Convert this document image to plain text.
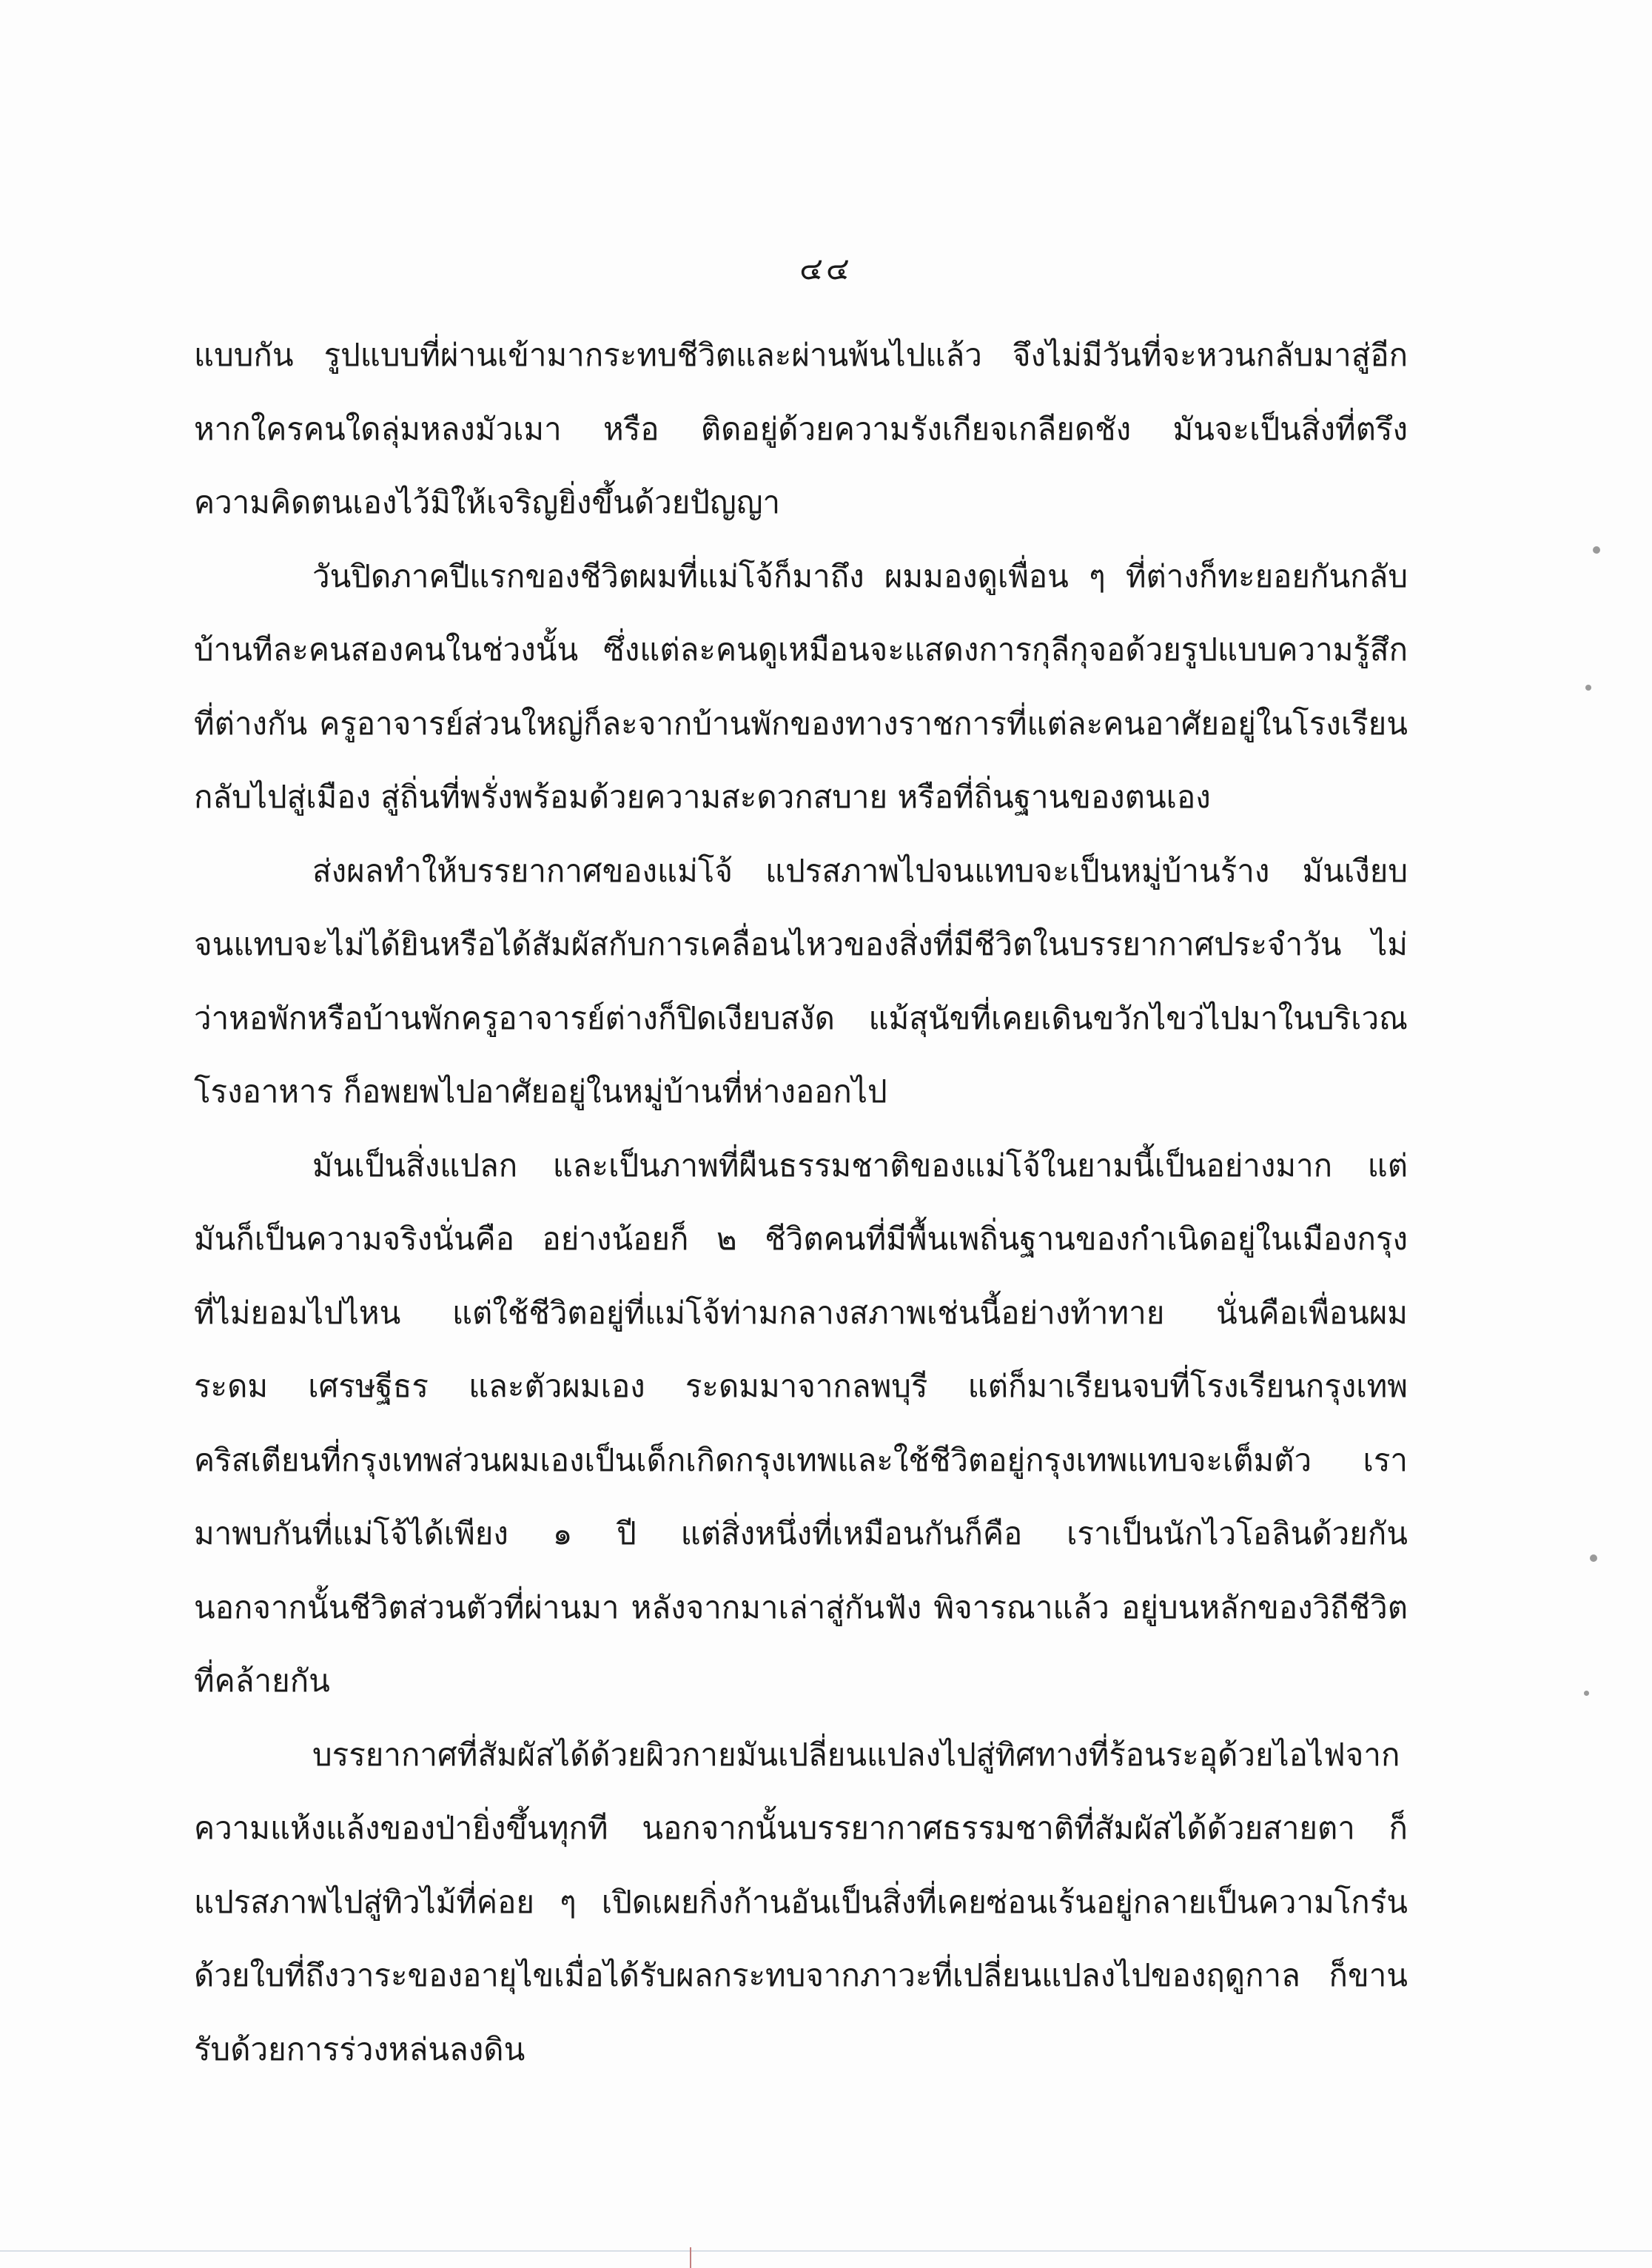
๔๔
แบบกัน รูปแบบที่ผ่านเข้ามากระทบชีวิตและผ่านพ้นไปแล้ว จึงไม่มีวันที่จะหวนกลับมาสู่อีก
หากใครคนใดลุ่มหลงมัวเมา หรือ ติดอยู่ด้วยความรังเกียจเกลียดชัง มันจะเป็นสิ่งที่ตรึง
ความคิดตนเองไว้มิให้เจริญยิ่งขึ้นด้วยปัญญา
วันปิดภาคปีแรกของชีวิตผมที่แม่โจ้ก็มาถึง ผมมองดูเพื่อน ๆ ที่ต่างก็ทะยอยกันกลับ
บ้านทีละคนสองคนในช่วงนั้น ซึ่งแต่ละคนดูเหมือนจะแสดงการกุลีกุจอด้วยรูปแบบความรู้สึก
ที่ต่างกัน ครูอาจารย์ส่วนใหญ่ก็ละจากบ้านพักของทางราชการที่แต่ละคนอาศัยอยู่ในโรงเรียน
กลับไปสู่เมือง สู่ถิ่นที่พรั่งพร้อมด้วยความสะดวกสบาย หรือที่ถิ่นฐานของตนเอง
ส่งผลทำให้บรรยากาศของแม่โจ้ แปรสภาพไปจนแทบจะเป็นหมู่บ้านร้าง มันเงียบ
จนแทบจะไม่ได้ยินหรือได้สัมผัสกับการเคลื่อนไหวของสิ่งที่มีชีวิตในบรรยากาศประจำวัน ไม่
ว่าหอพักหรือบ้านพักครูอาจารย์ต่างก็ปิดเงียบสงัด แม้สุนัขที่เคยเดินขวักไขว่ไปมาในบริเวณ
โรงอาหาร ก็อพยพไปอาศัยอยู่ในหมู่บ้านที่ห่างออกไป
มันเป็นสิ่งแปลก และเป็นภาพที่ผืนธรรมชาติของแม่โจ้ในยามนี้เป็นอย่างมาก แต่
มันก็เป็นความจริงนั่นคือ อย่างน้อยก็ ๒ ชีวิตคนที่มีพื้นเพถิ่นฐานของกำเนิดอยู่ในเมืองกรุง
ที่ไม่ยอมไปไหน แต่ใช้ชีวิตอยู่ที่แม่โจ้ท่ามกลางสภาพเช่นนี้อย่างท้าทาย นั่นคือเพื่อนผม
ระดม เศรษฐีธร และตัวผมเอง ระดมมาจากลพบุรี แต่ก็มาเรียนจบที่โรงเรียนกรุงเทพ
คริสเตียนที่กรุงเทพส่วนผมเองเป็นเด็กเกิดกรุงเทพและใช้ชีวิตอยู่กรุงเทพแทบจะเต็มตัว เรา
มาพบกันที่แม่โจ้ได้เพียง ๑ ปี แต่สิ่งหนึ่งที่เหมือนกันก็คือ เราเป็นนักไวโอลินด้วยกัน
นอกจากนั้นชีวิตส่วนตัวที่ผ่านมา หลังจากมาเล่าสู่กันฟัง พิจารณาแล้ว อยู่บนหลักของวิถีชีวิต
ที่คล้ายกัน
บรรยากาศที่สัมผัสได้ด้วยผิวกายมันเปลี่ยนแปลงไปสู่ทิศทางที่ร้อนระอุด้วยไอไฟจาก
ความแห้งแล้งของป่ายิ่งขึ้นทุกที นอกจากนั้นบรรยากาศธรรมชาติที่สัมผัสได้ด้วยสายตา ก็
แปรสภาพไปสู่ทิวไม้ที่ค่อย ๆ เปิดเผยกิ่งก้านอันเป็นสิ่งที่เคยซ่อนเร้นอยู่กลายเป็นความโกร๋น
ด้วยใบที่ถึงวาระของอายุไขเมื่อได้รับผลกระทบจากภาวะที่เปลี่ยนแปลงไปของฤดูกาล ก็ขาน
รับด้วยการร่วงหล่นลงดิน
